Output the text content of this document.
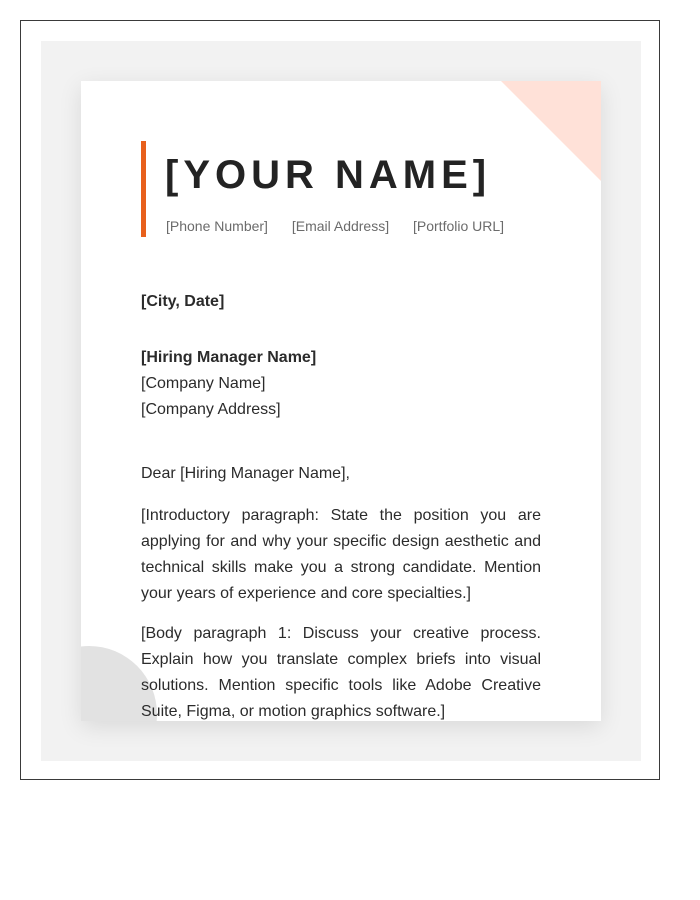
[YOUR NAME]
[Phone Number] [Email Address] [Portfolio URL]

[City, Date]

[Hiring Manager Name]

[Company Name]

[Company Address]

Dear [Hiring Manager Name],

[Introductory paragraph: State the position you are applying for and why your specific design aesthetic and technical skills make you a strong candidate. Mention your years of experience and core specialties.]

[Body paragraph 1: Discuss your creative process. Explain how you translate complex briefs into visual solutions. Mention specific tools like Adobe Creative Suite, Figma, or motion graphics software.]
